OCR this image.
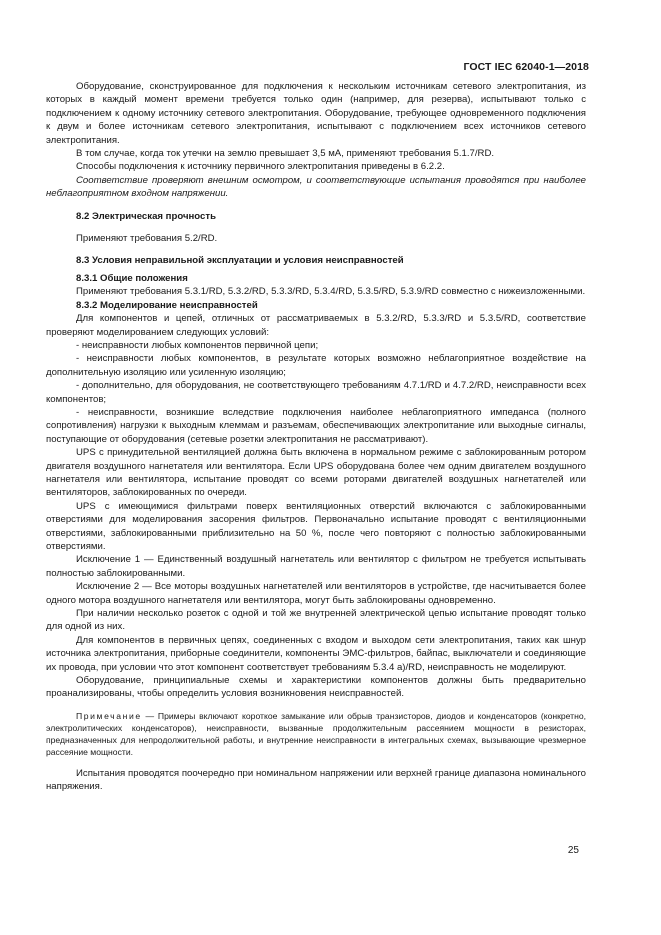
ГОСТ IEC 62040-1—2018

Оборудование, сконструированное для подключения к нескольким источникам сетевого электропитания, из которых в каждый момент времени требуется только один (например, для резерва), испытывают только с подключением к одному источнику сетевого электропитания. Оборудование, требующее одновременного подключения к двум и более источникам сетевого электропитания, испытывают с подключением всех источников сетевого электропитания.

В том случае, когда ток утечки на землю превышает 3,5 мА, применяют требования 5.1.7/RD.

Способы подключения к источнику первичного электропитания приведены в 6.2.2.

Соответствие проверяют внешним осмотром, и соответствующие испытания проводятся при наиболее неблагоприятном входном напряжении.

8.2 Электрическая прочность

Применяют требования 5.2/RD.

8.3 Условия неправильной эксплуатации и условия неисправностей

8.3.1 Общие положения

Применяют требования 5.3.1/RD, 5.3.2/RD, 5.3.3/RD, 5.3.4/RD, 5.3.5/RD, 5.3.9/RD совместно с нижеизложенными.

8.3.2 Моделирование неисправностей

Для компонентов и цепей, отличных от рассматриваемых в 5.3.2/RD, 5.3.3/RD и 5.3.5/RD, соответствие проверяют моделированием следующих условий:

- неисправности любых компонентов первичной цепи;

- неисправности любых компонентов, в результате которых возможно неблагоприятное воздействие на дополнительную изоляцию или усиленную изоляцию;

- дополнительно, для оборудования, не соответствующего требованиям 4.7.1/RD и 4.7.2/RD, неисправности всех компонентов;

- неисправности, возникшие вследствие подключения наиболее неблагоприятного импеданса (полного сопротивления) нагрузки к выходным клеммам и разъемам, обеспечивающих электропитание или выходные сигналы, поступающие от оборудования (сетевые розетки электропитания не рассматривают).

UPS с принудительной вентиляцией должна быть включена в нормальном режиме с заблокированным ротором двигателя воздушного нагнетателя или вентилятора. Если UPS оборудована более чем одним двигателем воздушного нагнетателя или вентилятора, испытание проводят со всеми роторами двигателей воздушных нагнетателей или вентиляторов, заблокированных по очереди.

UPS с имеющимися фильтрами поверх вентиляционных отверстий включаются с заблокированными отверстиями для моделирования засорения фильтров. Первоначально испытание проводят с вентиляционными отверстиями, заблокированными приблизительно на 50 %, после чего повторяют с полностью заблокированными отверстиями.

Исключение 1 — Единственный воздушный нагнетатель или вентилятор с фильтром не требуется испытывать полностью заблокированными.

Исключение 2 — Все моторы воздушных нагнетателей или вентиляторов в устройстве, где насчитывается более одного мотора воздушного нагнетателя или вентилятора, могут быть заблокированы одновременно.

При наличии несколько розеток с одной и той же внутренней электрической цепью испытание проводят только для одной из них.

Для компонентов в первичных цепях, соединенных с входом и выходом сети электропитания, таких как шнур источника электропитания, приборные соединители, компоненты ЭМС-фильтров, байпас, выключатели и соединяющие их провода, при условии что этот компонент соответствует требованиям 5.3.4 а)/RD, неисправность не моделируют.

Оборудование, принципиальные схемы и характеристики компонентов должны быть предварительно проанализированы, чтобы определить условия возникновения неисправностей.

Примечание — Примеры включают короткое замыкание или обрыв транзисторов, диодов и конденсаторов (конкретно, электролитических конденсаторов), неисправности, вызванные продолжительным рассеянием мощности в резисторах, предназначенных для непродолжительной работы, и внутренние неисправности в интегральных схемах, вызывающие чрезмерное рассеяние мощности.

Испытания проводятся поочередно при номинальном напряжении или верхней границе диапазона номинального напряжения.

25
